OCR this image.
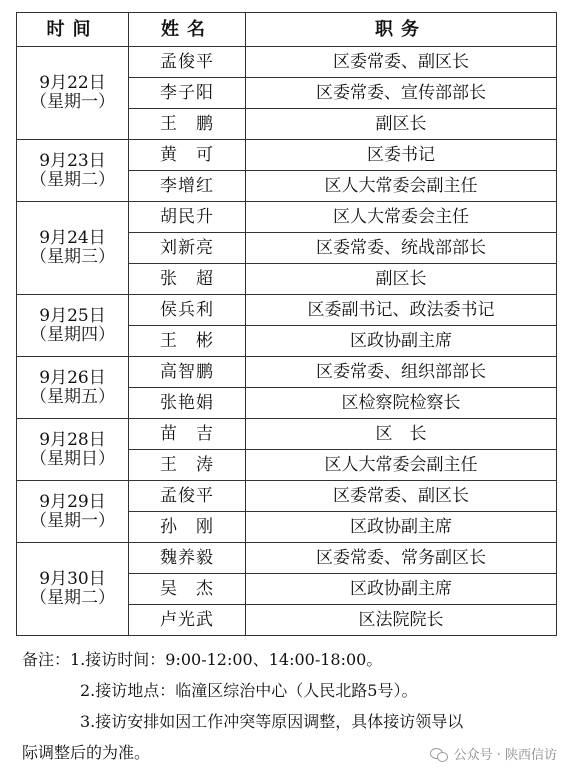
时间	姓名	职务

9月22日
（星期一）	孟俊平	区委常委、副区长
	李子阳	区委常委、宣传部部长
	王　鹏	副区长

9月23日
（星期二）	黄　可	区委书记
	李增红	区人大常委会副主任

9月24日
（星期三）	胡民升	区人大常委会主任
	刘新亮	区委常委、统战部部长
	张　超	副区长

9月25日
（星期四）	侯兵利	区委副书记、政法委书记
	王　彬	区政协副主席

9月26日
（星期五）	高智鹏	区委常委、组织部部长
	张艳娟	区检察院检察长

9月28日
（星期日）	苗　吉	区　长
	王　涛	区人大常委会副主任

9月29日
（星期一）	孟俊平	区委常委、副区长
	孙　刚	区政协副主席

9月30日
（星期二）	魏养毅	区委常委、常务副区长
	吴　杰	区政协副主席
	卢光武	区法院院长
备注：1.接访时间：9:00-12:00、14:00-18:00。
2.接访地点：临潼区综治中心（人民北路5号）。
3.接访安排如因工作冲突等原因调整，具体接访领导以
际调整后的为准。	公众号 · 陕西信访
